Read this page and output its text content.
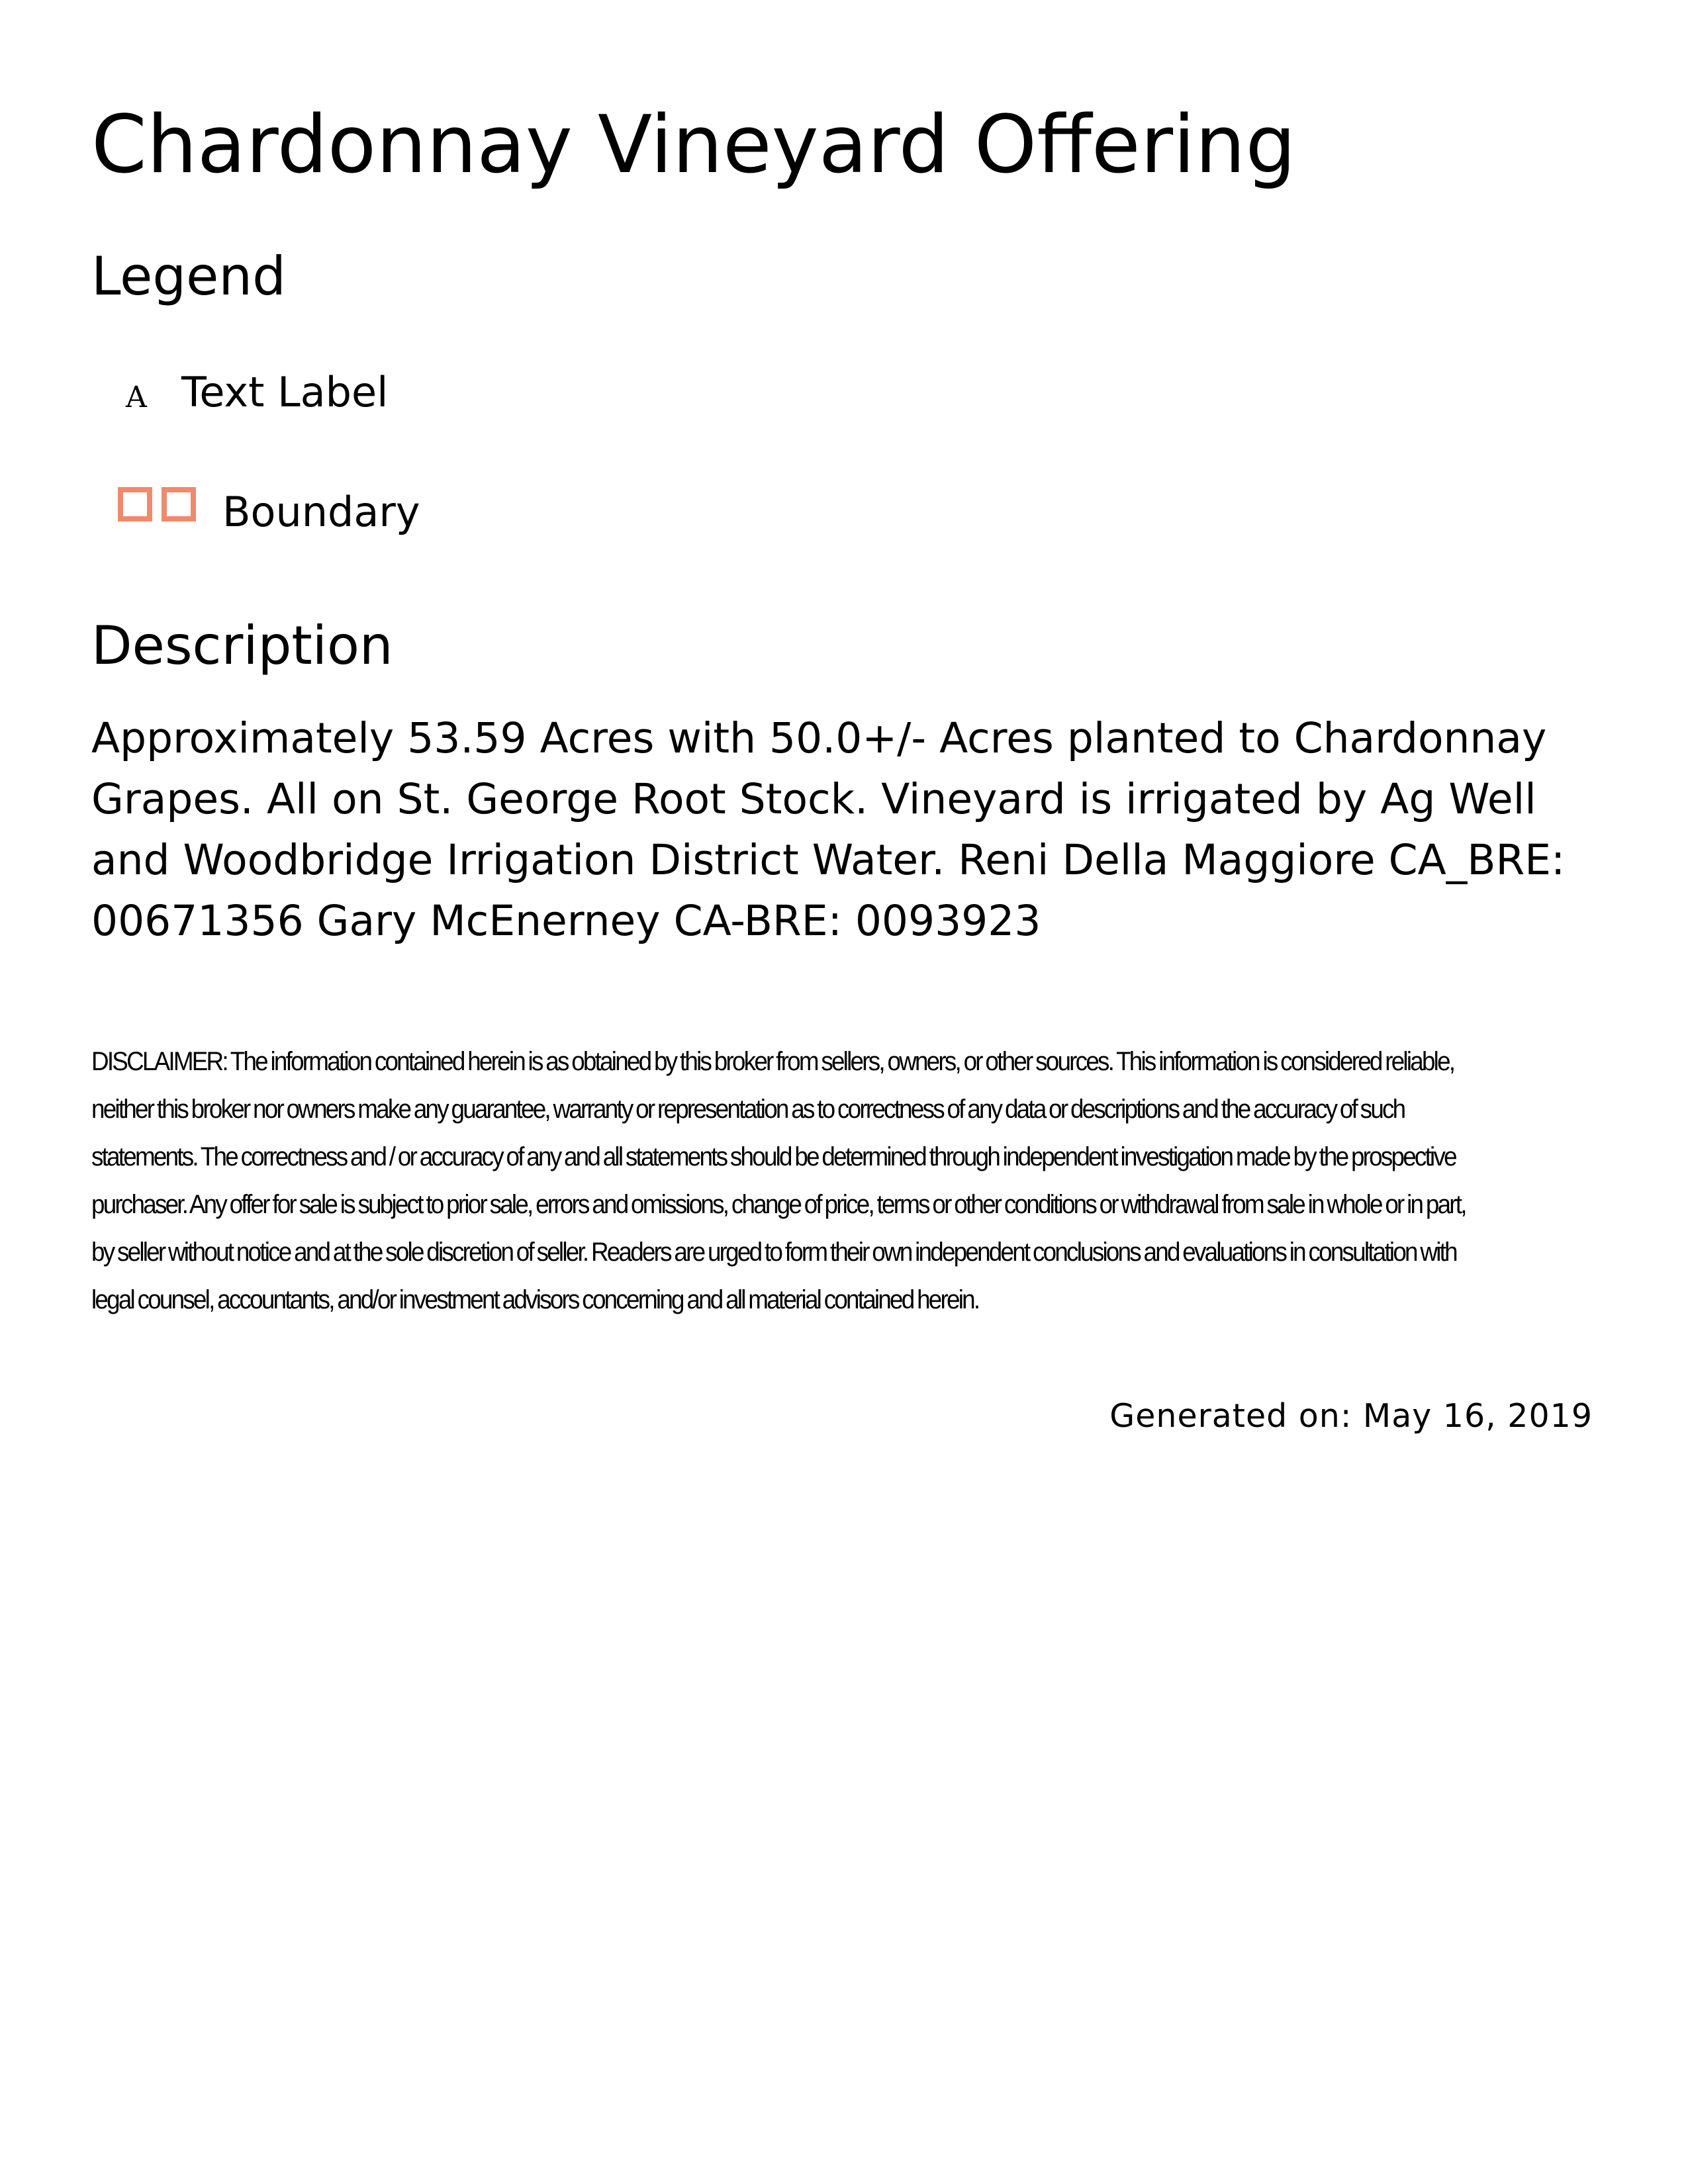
Chardonnay Vineyard Offering
Legend
A Text Label
Boundary
Description

Approximately 53.59 Acres with 50.0+/- Acres planted to Chardonnay Grapes. All on St. George Root Stock. Vineyard is irrigated by Ag Well and Woodbridge Irrigation District Water. Reni Della Maggiore CA_BRE: 00671356 Gary McEnerney CA-BRE: 0093923

DISCLAIMER: The information contained herein is as obtained by this broker from sellers, owners, or other sources. This information is considered reliable, neither this broker nor owners make any guarantee, warranty or representation as to correctness of any data or descriptions and the accuracy of such statements. The correctness and / or accuracy of any and all statements should be determined through independent investigation made by the prospective purchaser. Any offer for sale is subject to prior sale, errors and omissions, change of price, terms or other conditions or withdrawal from sale in whole or in part, by seller without notice and at the sole discretion of seller. Readers are urged to form their own independent conclusions and evaluations in consultation with legal counsel, accountants, and/or investment advisors concerning and all material contained herein.

Generated on: May 16, 2019
